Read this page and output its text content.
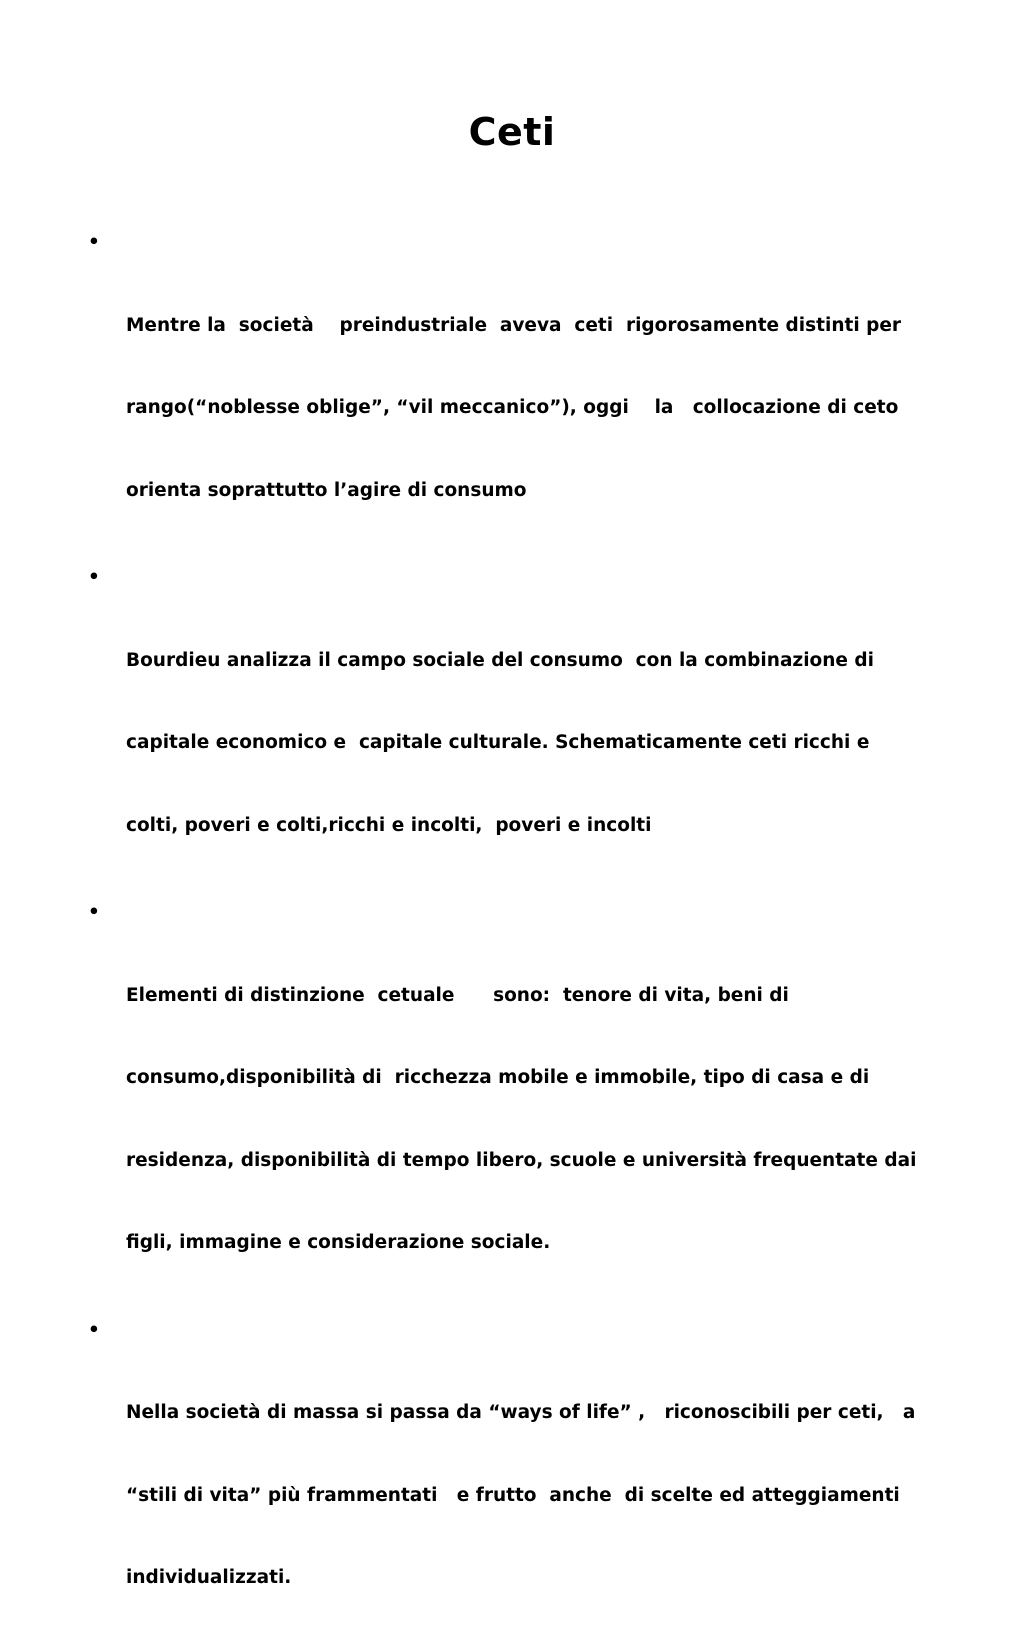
Ceti

•

Mentre la  società    preindustriale  aveva  ceti  rigorosamente distinti per

rango(“noblesse oblige”, “vil meccanico”), oggi    la   collocazione di ceto

orienta soprattutto l’agire di consumo

•

Bourdieu analizza il campo sociale del consumo  con la combinazione di

capitale economico e  capitale culturale. Schematicamente ceti ricchi e

colti, poveri e colti,ricchi e incolti,  poveri e incolti

•

Elementi di distinzione  cetuale      sono:  tenore di vita, beni di

consumo,disponibilità di  ricchezza mobile e immobile, tipo di casa e di

residenza, disponibilità di tempo libero, scuole e università frequentate dai

figli, immagine e considerazione sociale.

•

Nella società di massa si passa da “ways of life” ,   riconoscibili per ceti,   a

“stili di vita” più frammentati   e frutto  anche  di scelte ed atteggiamenti

individualizzati.
